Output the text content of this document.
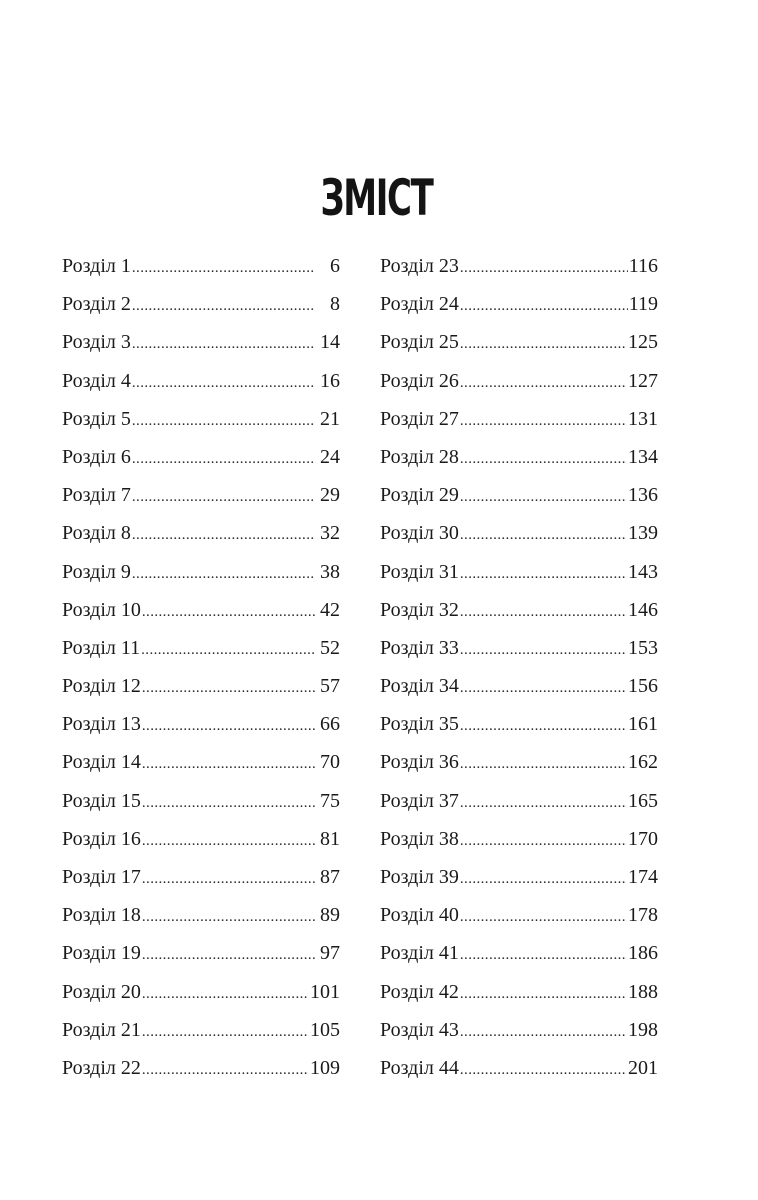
ЗМІСТ
Розділ 1 .....	6
Розділ 2 .....	8
Розділ 3 .....	14
Розділ 4 .....	16
Розділ 5 .....	21
Розділ 6 .....	24
Розділ 7 .....	29
Розділ 8 .....	32
Розділ 9 .....	38
Розділ 10 .....	42
Розділ 11 .....	52
Розділ 12 .....	57
Розділ 13 .....	66
Розділ 14 .....	70
Розділ 15 .....	75
Розділ 16 .....	81
Розділ 17 .....	87
Розділ 18 .....	89
Розділ 19 .....	97
Розділ 20 .....	101
Розділ 21 .....	105
Розділ 22 .....	109
Розділ 23 .....	116
Розділ 24 .....	119
Розділ 25 .....	125
Розділ 26 .....	127
Розділ 27 .....	131
Розділ 28 .....	134
Розділ 29 .....	136
Розділ 30 .....	139
Розділ 31 .....	143
Розділ 32 .....	146
Розділ 33 .....	153
Розділ 34 .....	156
Розділ 35 .....	161
Розділ 36 .....	162
Розділ 37 .....	165
Розділ 38 .....	170
Розділ 39 .....	174
Розділ 40 .....	178
Розділ 41 .....	186
Розділ 42 .....	188
Розділ 43 .....	198
Розділ 44 .....	201
